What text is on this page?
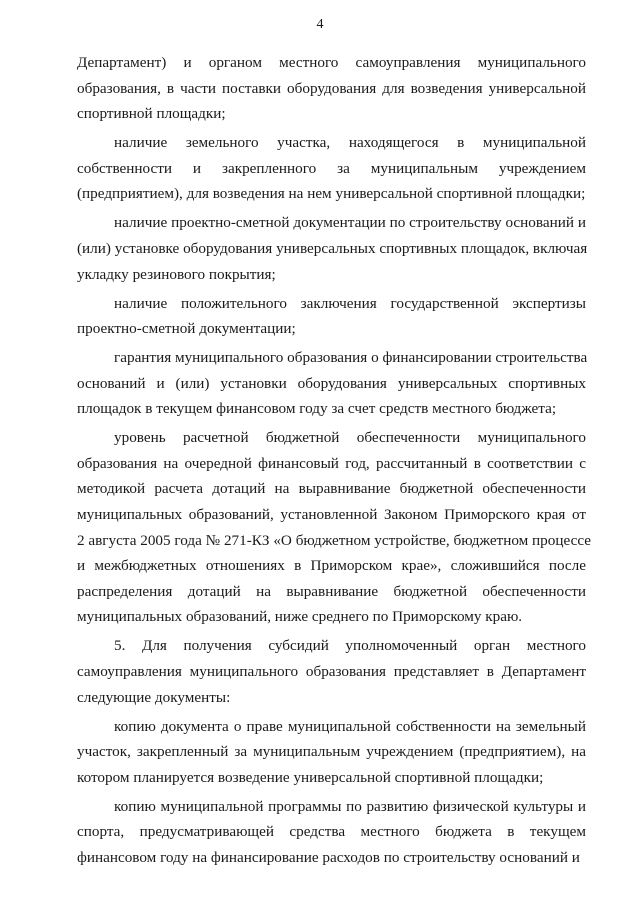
4

Департамент) и органом местного самоуправления муниципального
образования, в части поставки оборудования для возведения универсальной
спортивной площадки;

наличие земельного участка, находящегося в муниципальной
собственности и закрепленного за муниципальным учреждением
(предприятием), для возведения на нем универсальной спортивной площадки;

наличие проектно-сметной документации по строительству оснований и
(или) установке оборудования универсальных спортивных площадок, включая
укладку резинового покрытия;

наличие положительного заключения государственной экспертизы
проектно-сметной документации;

гарантия муниципального образования о финансировании строительства
оснований и (или) установки оборудования универсальных спортивных
площадок в текущем финансовом году за счет средств местного бюджета;

уровень расчетной бюджетной обеспеченности муниципального
образования на очередной финансовый год, рассчитанный в соответствии с
методикой расчета дотаций на выравнивание бюджетной обеспеченности
муниципальных образований, установленной Законом Приморского края от
2 августа 2005 года № 271-КЗ «О бюджетном устройстве, бюджетном процессе
и межбюджетных отношениях в Приморском крае», сложившийся после
распределения дотаций на выравнивание бюджетной обеспеченности
муниципальных образований, ниже среднего по Приморскому краю.

5. Для получения субсидий уполномоченный орган местного
самоуправления муниципального образования представляет в Департамент
следующие документы:

копию документа о праве муниципальной собственности на земельный
участок, закрепленный за муниципальным учреждением (предприятием), на
котором планируется возведение универсальной спортивной площадки;

копию муниципальной программы по развитию физической культуры и
спорта, предусматривающей средства местного бюджета в текущем
финансовом году на финансирование расходов по строительству оснований и
